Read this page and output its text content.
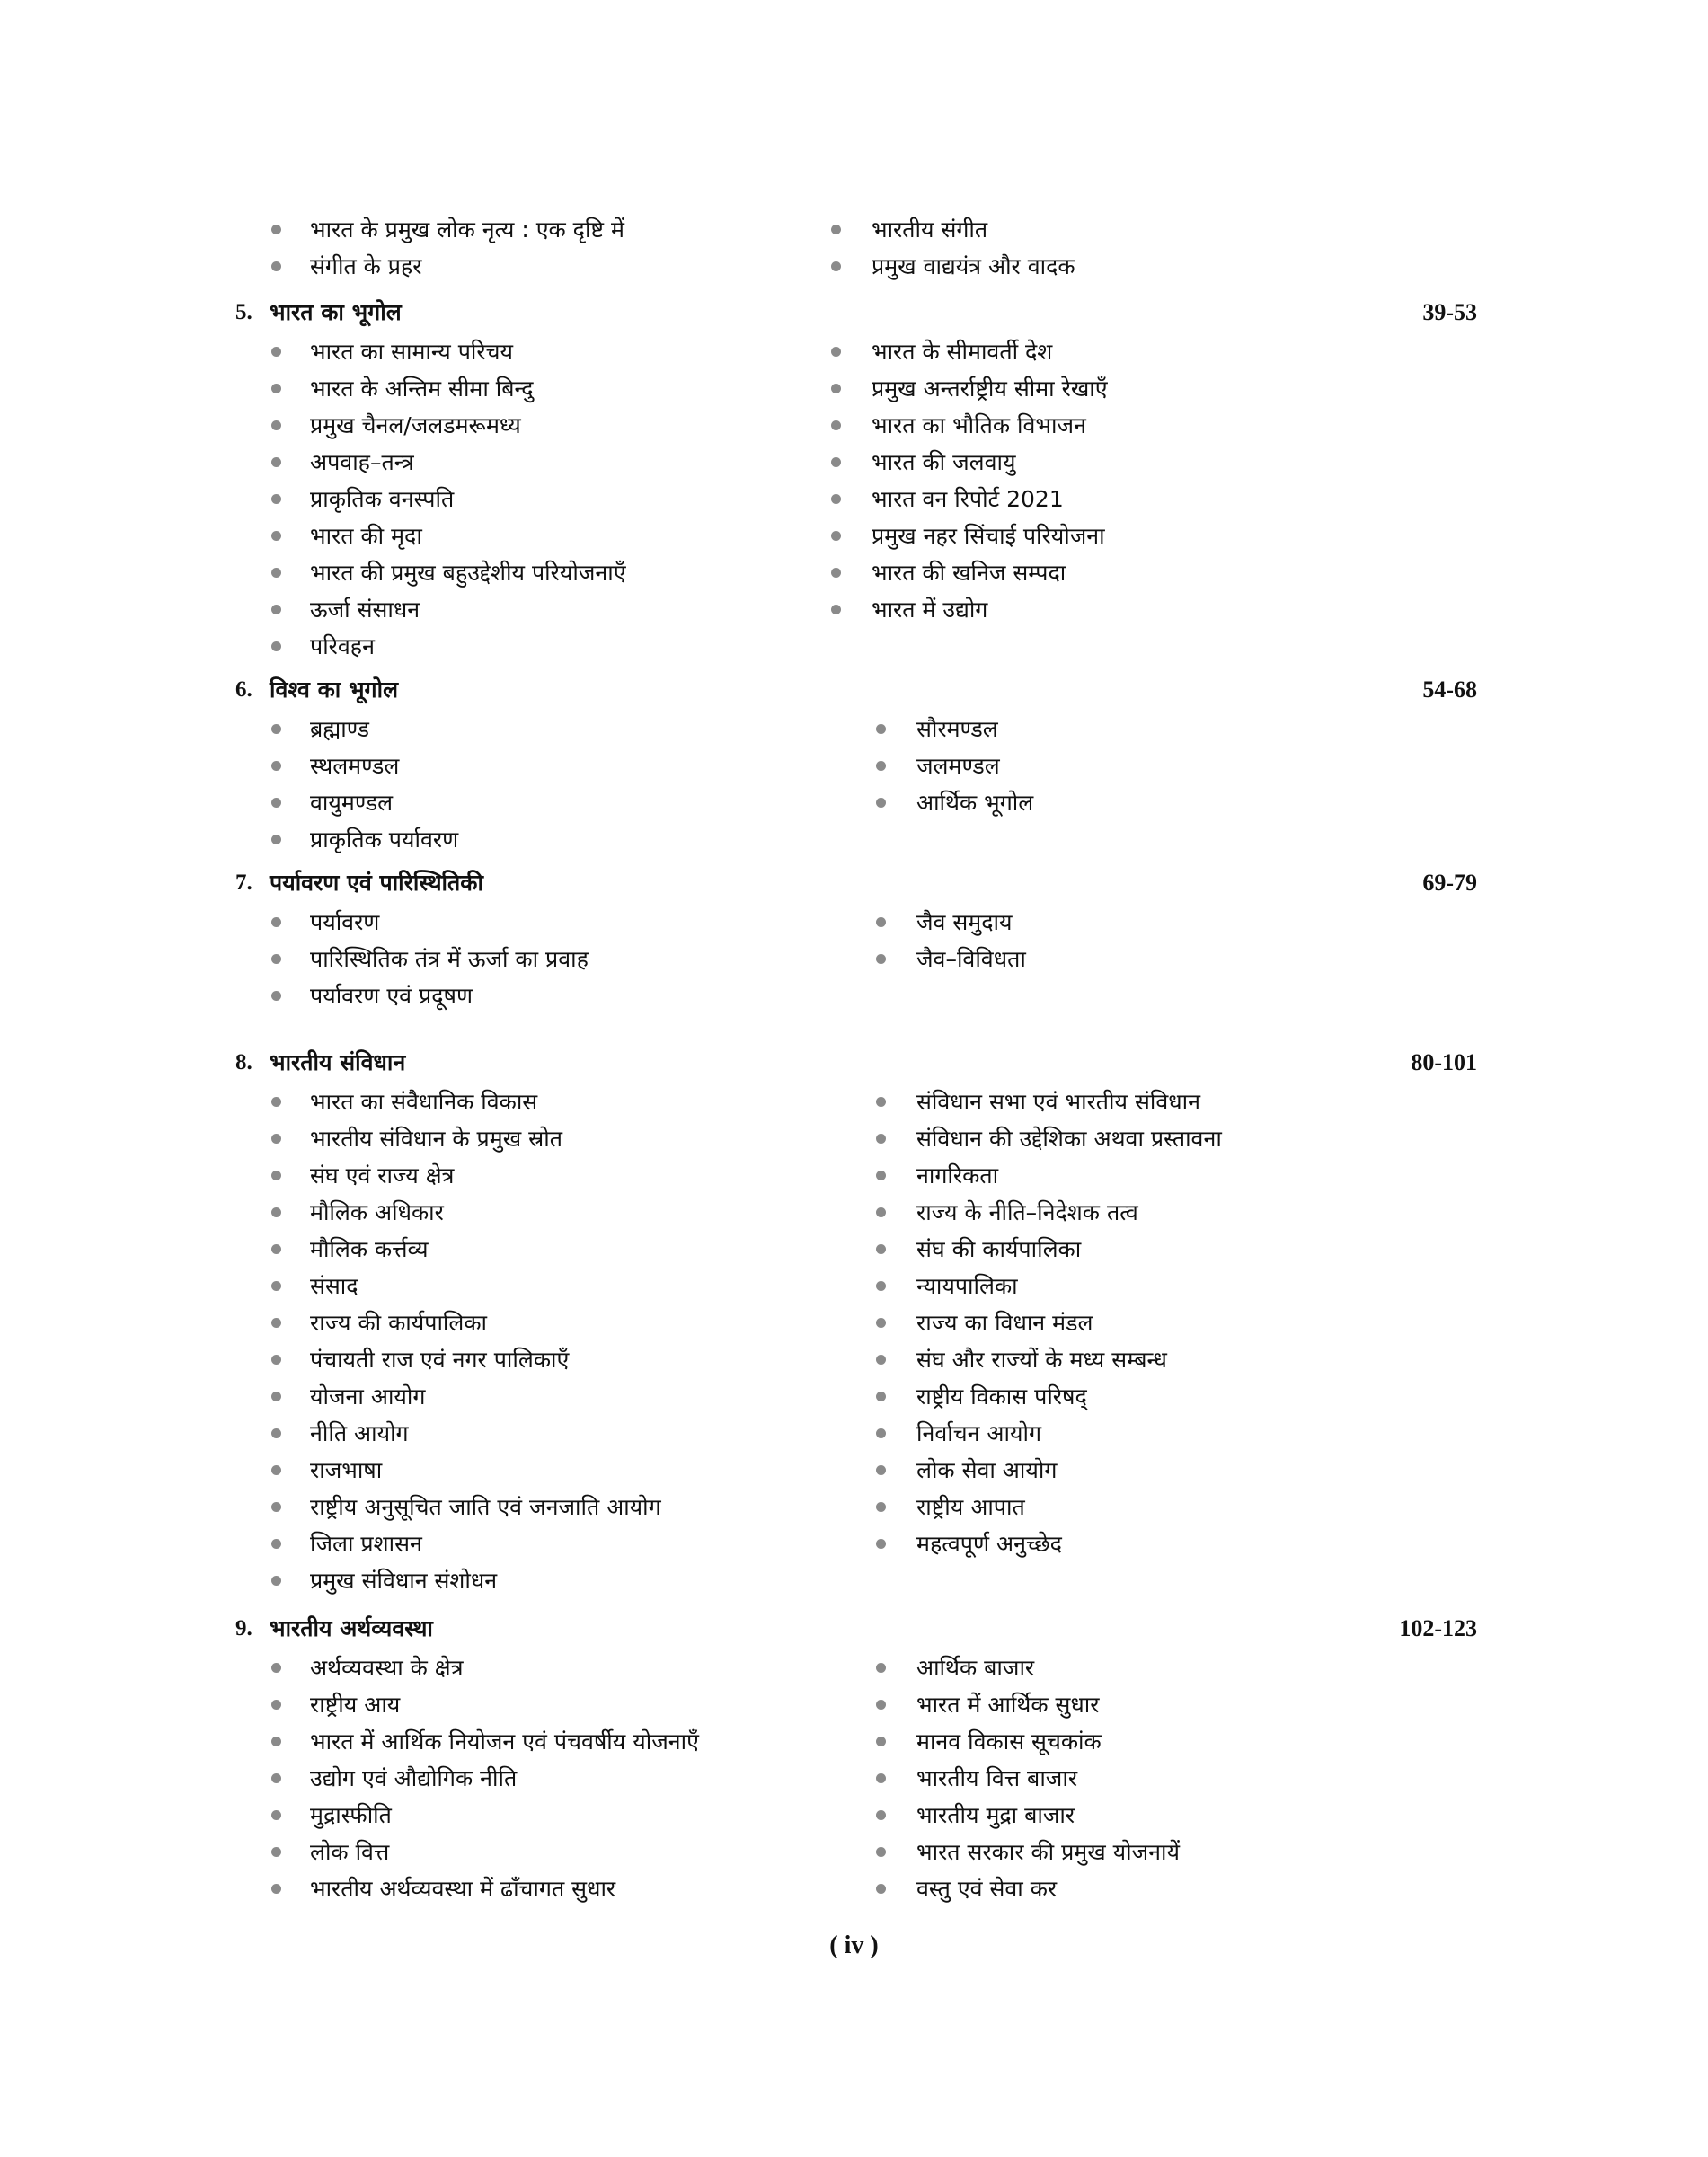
भारत के प्रमुख लोक नृत्य : एक दृष्टि में	भारतीय संगीत
संगीत के प्रहर	प्रमुख वाद्ययंत्र और वादक
5. भारत का भूगोल	39-53
भारत का सामान्य परिचय	भारत के सीमावर्ती देश
भारत के अन्तिम सीमा बिन्दु	प्रमुख अन्तर्राष्ट्रीय सीमा रेखाएँ
प्रमुख चैनल/जलडमरूमध्य	भारत का भौतिक विभाजन
अपवाह–तन्त्र	भारत की जलवायु
प्राकृतिक वनस्पति	भारत वन रिपोर्ट 2021
भारत की मृदा	प्रमुख नहर सिंचाई परियोजना
भारत की प्रमुख बहुउद्देशीय परियोजनाएँ	भारत की खनिज सम्पदा
ऊर्जा संसाधन	भारत में उद्योग
परिवहन
6. विश्व का भूगोल	54-68
ब्रह्माण्ड	सौरमण्डल
स्थलमण्डल	जलमण्डल
वायुमण्डल	आर्थिक भूगोल
प्राकृतिक पर्यावरण
7. पर्यावरण एवं पारिस्थितिकी	69-79
पर्यावरण	जैव समुदाय
पारिस्थितिक तंत्र में ऊर्जा का प्रवाह	जैव–विविधता
पर्यावरण एवं प्रदूषण
8. भारतीय संविधान	80-101
भारत का संवैधानिक विकास	संविधान सभा एवं भारतीय संविधान
भारतीय संविधान के प्रमुख स्रोत	संविधान की उद्देशिका अथवा प्रस्तावना
संघ एवं राज्य क्षेत्र	नागरिकता
मौलिक अधिकार	राज्य के नीति–निदेशक तत्व
मौलिक कर्त्तव्य	संघ की कार्यपालिका
संसाद	न्यायपालिका
राज्य की कार्यपालिका	राज्य का विधान मंडल
पंचायती राज एवं नगर पालिकाएँ	संघ और राज्यों के मध्य सम्बन्ध
योजना आयोग	राष्ट्रीय विकास परिषद्
नीति आयोग	निर्वाचन आयोग
राजभाषा	लोक सेवा आयोग
राष्ट्रीय अनुसूचित जाति एवं जनजाति आयोग	राष्ट्रीय आपात
जिला प्रशासन	महत्वपूर्ण अनुच्छेद
प्रमुख संविधान संशोधन
9. भारतीय अर्थव्यवस्था	102-123
अर्थव्यवस्था के क्षेत्र	आर्थिक बाजार
राष्ट्रीय आय	भारत में आर्थिक सुधार
भारत में आर्थिक नियोजन एवं पंचवर्षीय योजनाएँ	मानव विकास सूचकांक
उद्योग एवं औद्योगिक नीति	भारतीय वित्त बाजार
मुद्रास्फीति	भारतीय मुद्रा बाजार
लोक वित्त	भारत सरकार की प्रमुख योजनायें
भारतीय अर्थव्यवस्था में ढाँचागत सुधार	वस्तु एवं सेवा कर
( iv )
